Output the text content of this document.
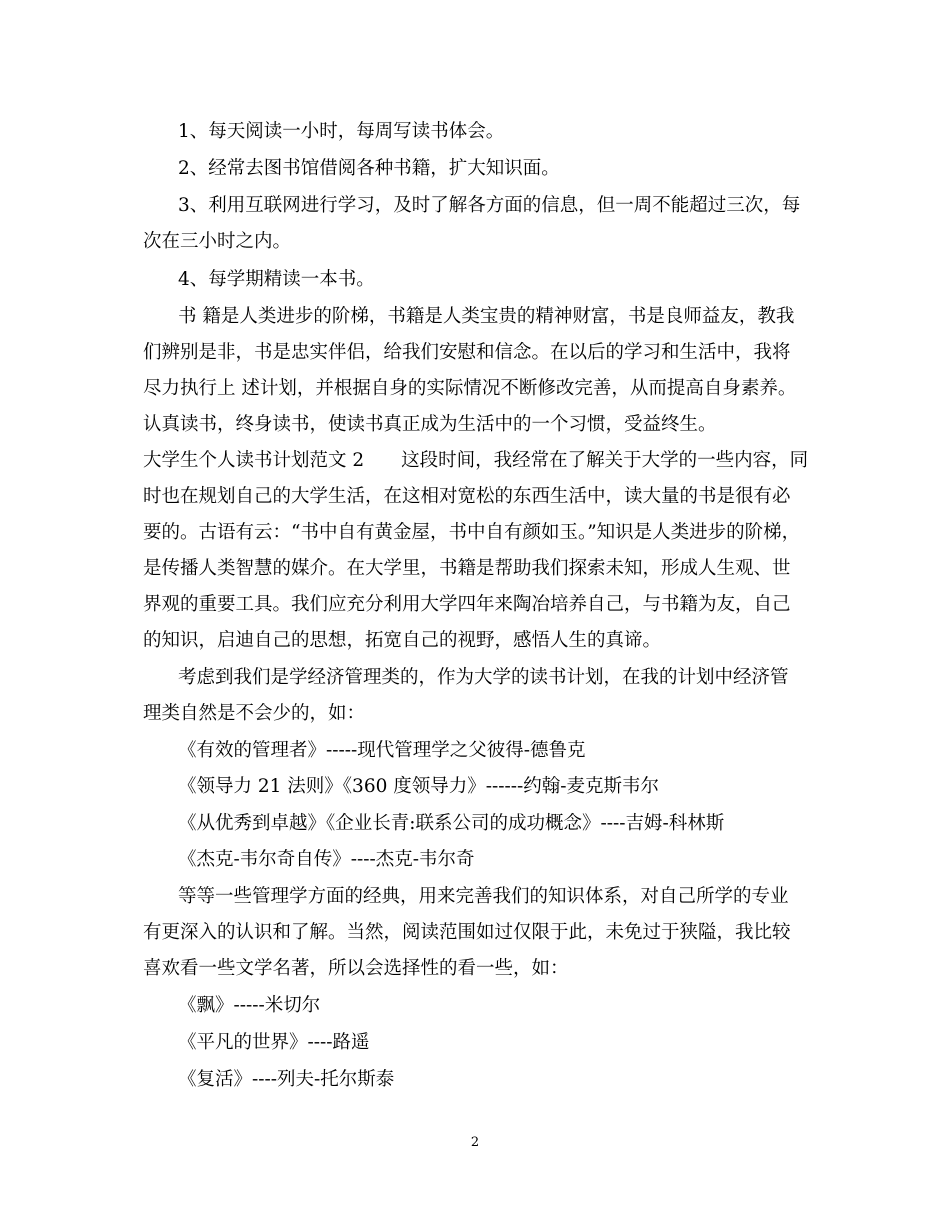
1、每天阅读一小时，每周写读书体会。
2、经常去图书馆借阅各种书籍，扩大知识面。
3、利用互联网进行学习，及时了解各方面的信息，但一周不能超过三次，每
次在三小时之内。
4、每学期精读一本书。
书 籍是人类进步的阶梯，书籍是人类宝贵的精神财富，书是良师益友，教我
们辨别是非，书是忠实伴侣，给我们安慰和信念。在以后的学习和生活中，我将
尽力执行上 述计划，并根据自身的实际情况不断修改完善，从而提高自身素养。
认真读书，终身读书，使读书真正成为生活中的一个习惯，受益终生。
大学生个人读书计划范文 2　　这段时间，我经常在了解关于大学的一些内容，同
时也在规划自己的大学生活，在这相对宽松的东西生活中，读大量的书是很有必
要的。古语有云：“书中自有黄金屋，书中自有颜如玉。”知识是人类进步的阶梯，
是传播人类智慧的媒介。在大学里，书籍是帮助我们探索未知，形成人生观、世
界观的重要工具。我们应充分利用大学四年来陶冶培养自己，与书籍为友，自己
的知识，启迪自己的思想，拓宽自己的视野，感悟人生的真谛。
考虑到我们是学经济管理类的，作为大学的读书计划，在我的计划中经济管
理类自然是不会少的，如：
《有效的管理者》-----现代管理学之父彼得-德鲁克
《领导力 21 法则》《360 度领导力》------约翰-麦克斯韦尔
《从优秀到卓越》《企业长青:联系公司的成功概念》----吉姆-科林斯
《杰克-韦尔奇自传》----杰克-韦尔奇
等等一些管理学方面的经典，用来完善我们的知识体系，对自己所学的专业
有更深入的认识和了解。当然，阅读范围如过仅限于此，未免过于狭隘，我比较
喜欢看一些文学名著，所以会选择性的看一些，如：
《飘》-----米切尔
《平凡的世界》----路遥
《复活》----列夫-托尔斯泰
2
